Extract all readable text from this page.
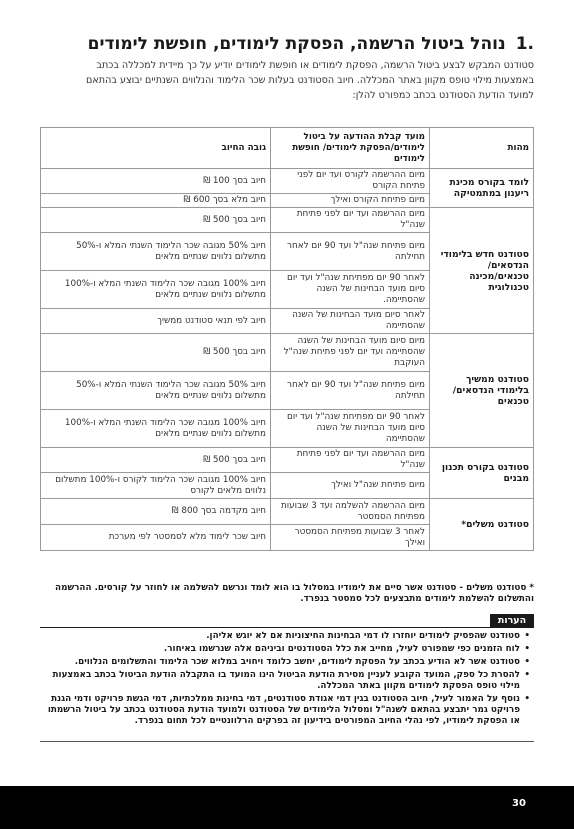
.1נוהל ביטול הרשמה, הפסקת לימודים, חופשת לימודים
סטודנט המבקש לבצע ביטול הרשמה, הפסקת לימודים או חופשת לימודים יודיע על כך מיידית למכללה בכתב באמצעות מילוי טופס מקוון באתר המכללה. חיוב הסטודנט בעלות שכר הלימוד והנלווים השנתיים יבוצע בהתאם למועד הודעת הסטודנט בכתב כמפורט להלן:
מהות	מועד קבלת ההודעה על ביטול לימודים/הפסקת לימודים/ חופשת לימודים	גובה החיוב
לומד בקורס מכינת ריענון במתמטיקה	מיום ההרשמה לקורס ועד יום לפני פתיחת הקורס	חיוב בסך 100 ₪
	מיום פתיחת הקורס ואילך	חיוב מלא בסך 600 ₪
סטודנט חדש בלימודי הנדסאים/ טכנאים/מכינה טכנולוגית	מיום ההרשמה ועד יום לפני פתיחת שנה"ל	חיוב בסך 500 ₪
	מיום פתיחת שנה"ל ועד 90 יום לאחר תחילתה	חיוב 50% מגובה שכר הלימוד השנתי המלא ו-50% מתשלום נלווים שנתיים מלאים
	לאחר 90 יום מפתיחת שנה"ל ועד יום סיום מועד הבחינות של השנה שהסתיימה.	חיוב 100% מגובה שכר הלימוד השנתי המלא ו-100% מתשלום נלווים שנתיים מלאים
	לאחר סיום מועד הבחינות של השנה שהסתיימה	חיוב לפי תנאי סטודנט ממשיך
סטודנט ממשיך בלימודי הנדסאים/ טכנאים	מיום סיום מועד הבחינות של השנה שהסתיימה ועד יום לפני פתיחת שנה"ל העוקבת	חיוב בסך 500 ₪
	מיום פתיחת שנה"ל ועד 90 יום לאחר תחילתה	חיוב 50% מגובה שכר הלימוד השנתי המלא ו-50% מתשלום נלווים שנתיים מלאים
	לאחר 90 יום מפתיחת שנה"ל ועד יום סיום מועד הבחינות של השנה שהסתיימה	חיוב 100% מגובה שכר הלימוד השנתי המלא ו-100% מתשלום נלווים שנתיים מלאים
סטודנט בקורס תכנון מבנים	מיום ההרשמה ועד יום לפני פתיחת שנה"ל	חיוב בסך 500 ₪
	מיום פתיחת שנה"ל ואילך	חיוב 100% מגובה שכר הלימוד לקורס ו-100% מתשלום נלווים מלאים לקורס
סטודנט משלים*	מיום ההרשמה להשלמה ועד 3 שבועות מפתיחת הסמסטר	חיוב מקדמה בסך 800 ₪
	לאחר 3 שבועות מפתיחת הסמסטר ואילך	חיוב שכר לימוד מלא לסמסטר לפי מערכת
* סטודנט משלים - סטודנט אשר סיים את לימודיו במסלול בו הוא לומד ונרשם להשלמה או לחוזר על קורסים. ההרשמה והתשלום להשלמת לימודים מתבצעים לכל סמסטר בנפרד.
הערות
• סטודנט שהפסיק לימודים יוחזרו לו דמי הבחינות החיצוניות אם לא יוגש אליהן.
• לוח הזמנים כפי שמפורט לעיל, מחייב את כלל הסטודנטים וביניהם אלה שנרשמו באיחור.
• סטודנט אשר לא הודיע בכתב על הפסקת לימודים, יחשב כלומד ויחויב במלוא שכר הלימוד והתשלומים הנלווים.
• להסרת כל ספק, המועד הקובע לעניין מסירת הודעת הביטול הינו המועד בו התקבלה הודעת הביטול בכתב באמצעות מילוי טופס הפסקת לימודים מקוון באתר המכללה.
• נוסף על האמור לעיל, חיוב הסטודנט בגין דמי אגודת סטודנטים, דמי בחינות ממלכתיות, דמי הגשת פרויקט ודמי הגנת פרויקט גמר יתבצע בהתאם לשנה"ל ומסלול הלימודים של הסטודנט ולמועד הודעת הסטודנט בכתב על ביטול הרשמתו או הפסקת לימודיו, לפי נהלי החיוב המפורטים בידיעון זה בפרקים הרלוונטיים לכל תחום בנפרד.
30
